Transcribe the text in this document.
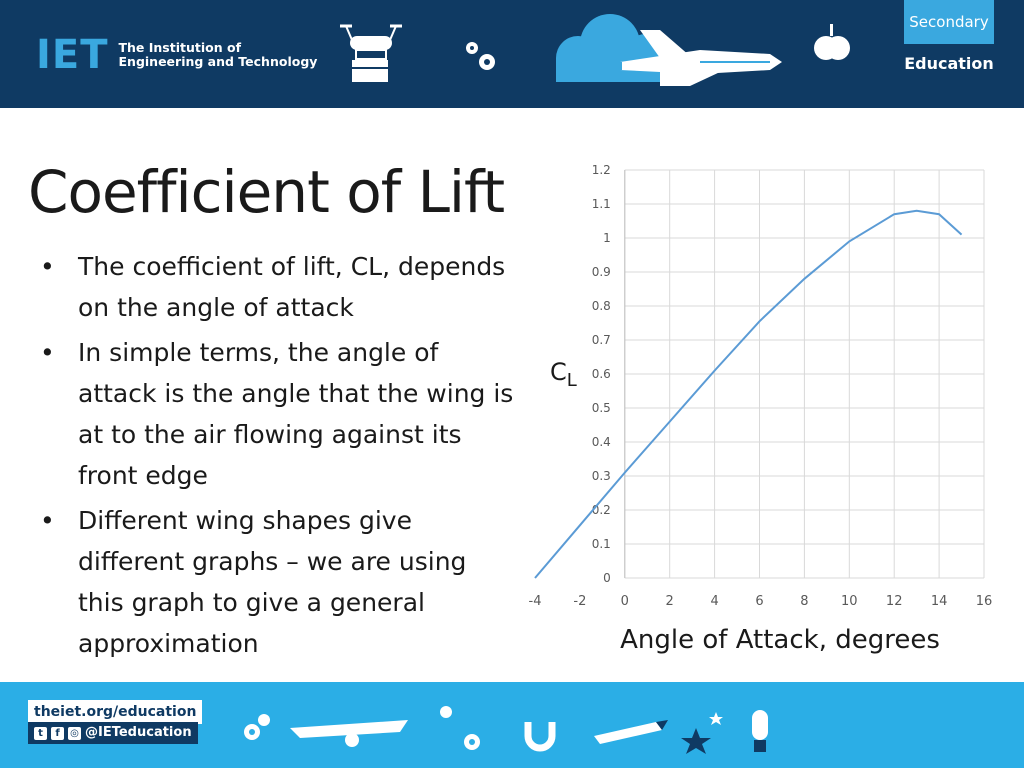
IET The Institution of
Engineering and Technology
Secondary
Education
Coefficient of Lift
• The coefficient of lift, CL, depends on the angle of attack
• In simple terms, the angle of attack is the angle that the wing is at to the air flowing against its front edge
• Different wing shapes give different graphs – we are using this graph to give a general approximation
0
0.1
0.2
0.3
0.4
0.5
0.6
0.7
0.8
0.9
1
1.1
1.2
-4 -2	0	2	4	6	8 10 12 14 16
$C_L$
Angle of Attack, degrees
theiet.org/education
t	f	◎ @IETeducation
